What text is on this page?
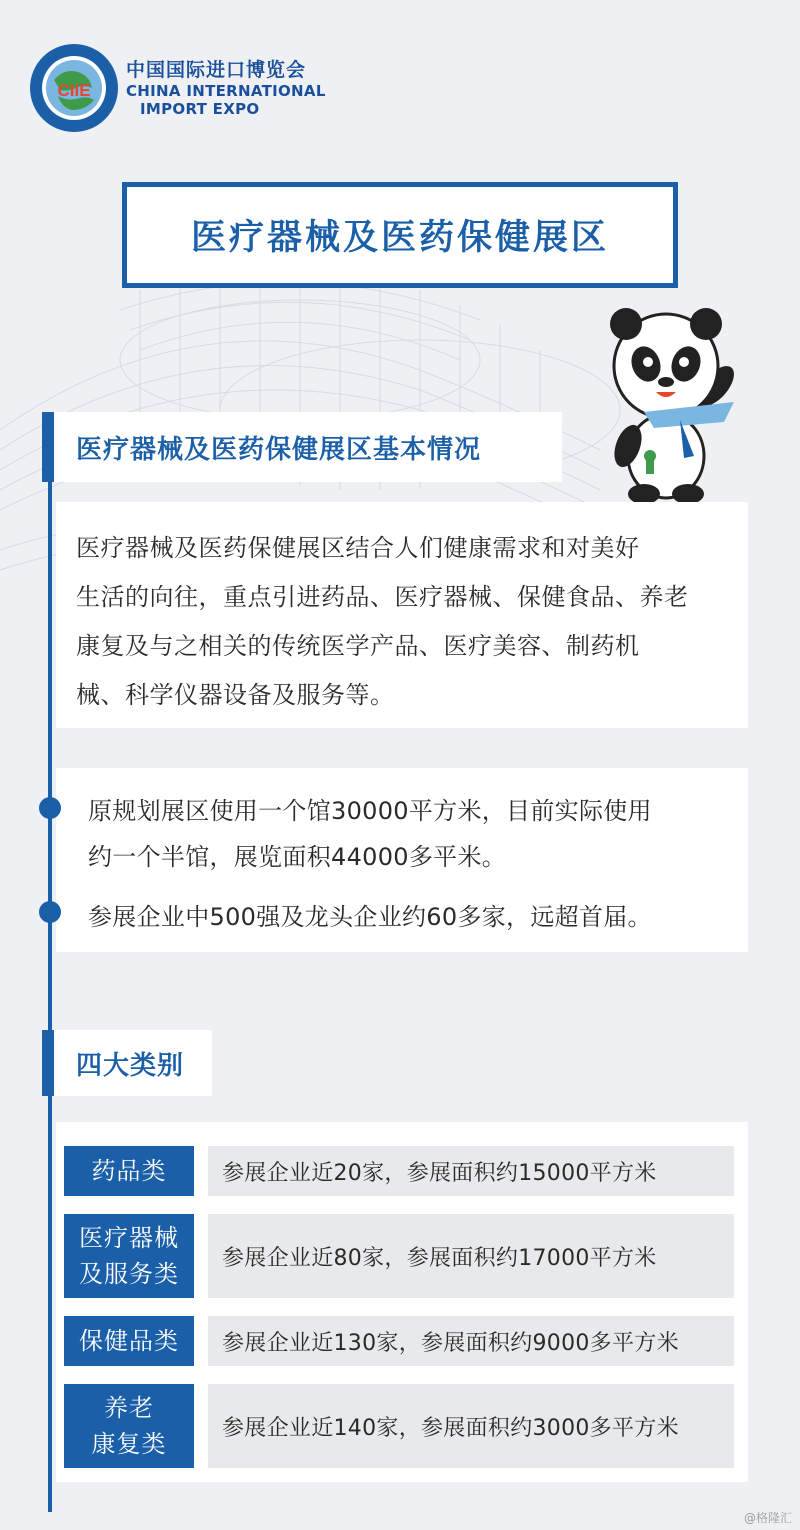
CIIE
中国国际进口博览会
CHINA INTERNATIONAL
IMPORT EXPO
医疗器械及医药保健展区
医疗器械及医药保健展区基本情况
医疗器械及医药保健展区结合人们健康需求和对美好
生活的向往，重点引进药品、医疗器械、保健食品、养老
康复及与之相关的传统医学产品、医疗美容、制药机
械、科学仪器设备及服务等。
原规划展区使用一个馆30000平方米，目前实际使用
约一个半馆，展览面积44000多平米。
参展企业中500强及龙头企业约60多家，远超首届。
四大类别
药品类	参展企业近20家，参展面积约15000平方米
医疗器械
及服务类
参展企业近80家，参展面积约17000平方米
保健品类	参展企业近130家，参展面积约9000多平方米
养老
康复类
参展企业近140家，参展面积约3000多平方米
@格隆汇
